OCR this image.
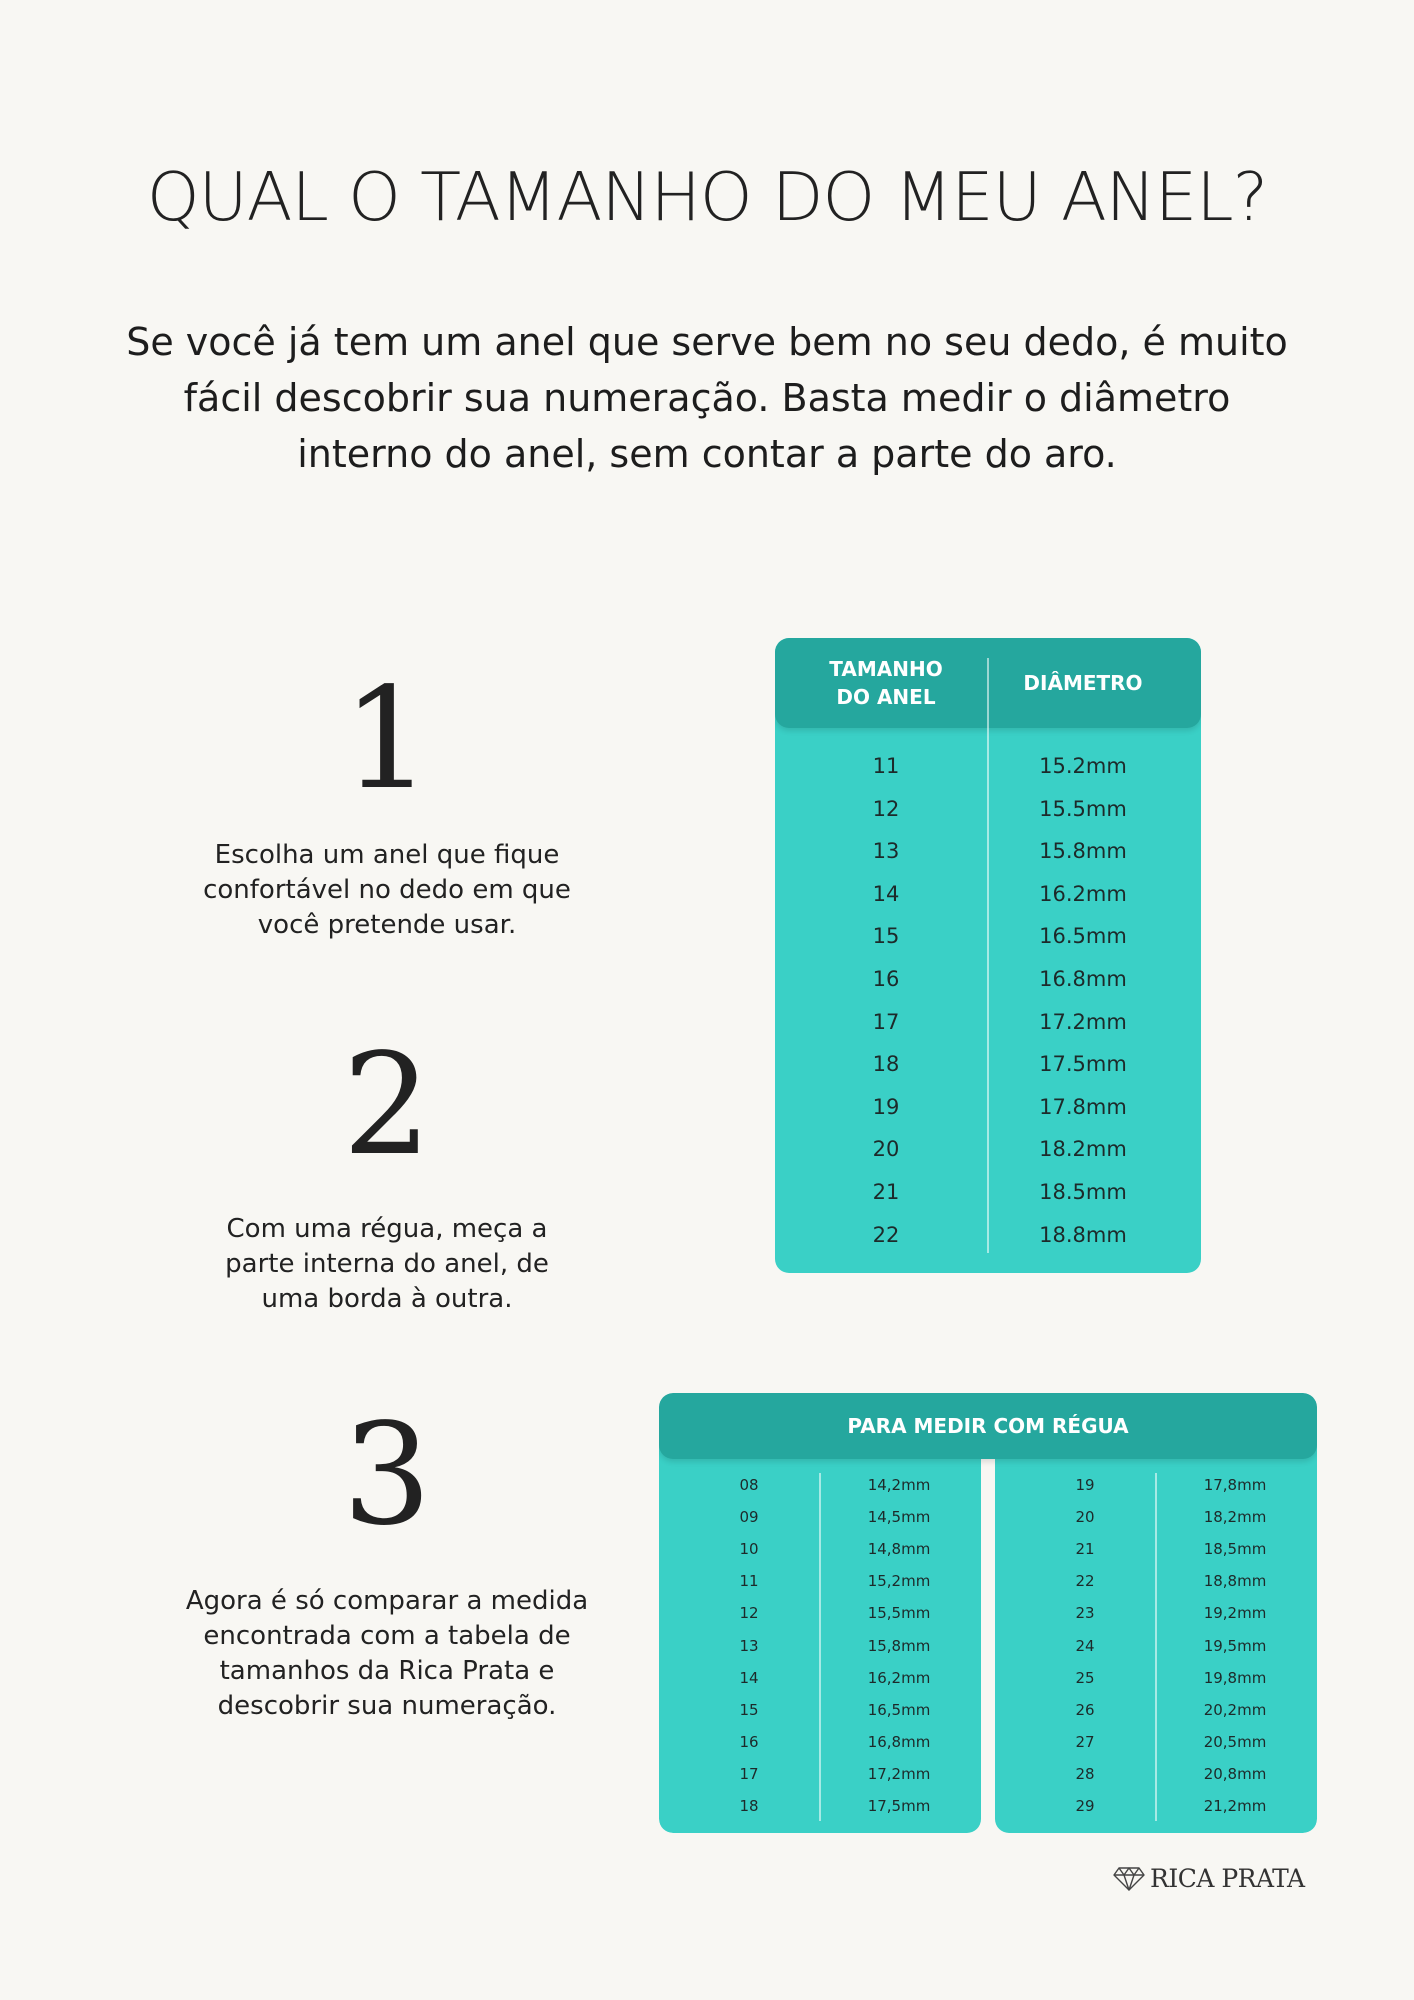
QUAL O TAMANHO DO MEU ANEL?

Se você já tem um anel que serve bem no seu dedo, é muito fácil descobrir sua numeração. Basta medir o diâmetro interno do anel, sem contar a parte do aro.

1

Escolha um anel que fique confortável no dedo em que você pretende usar.

2

Com uma régua, meça a parte interna do anel, de uma borda à outra.

3

Agora é só comparar a medida encontrada com a tabela de tamanhos da Rica Prata e descobrir sua numeração.

TAMANHO DO ANEL
DIÂMETRO
11	15.2mm
12	15.5mm
13	15.8mm
14	16.2mm
15	16.5mm
16	16.8mm
17	17.2mm
18	17.5mm
19	17.8mm
20	18.2mm
21	18.5mm
22	18.8mm
08	14,2mm
09	14,5mm
10	14,8mm
11	15,2mm
12	15,5mm
13	15,8mm
14	16,2mm
15	16,5mm
16	16,8mm
17	17,2mm
18	17,5mm
19	17,8mm
20	18,2mm
21	18,5mm
22	18,8mm
23	19,2mm
24	19,5mm
25	19,8mm
26	20,2mm
27	20,5mm
28	20,8mm
29	21,2mm
PARA MEDIR COM RÉGUA
RICA PRATA
